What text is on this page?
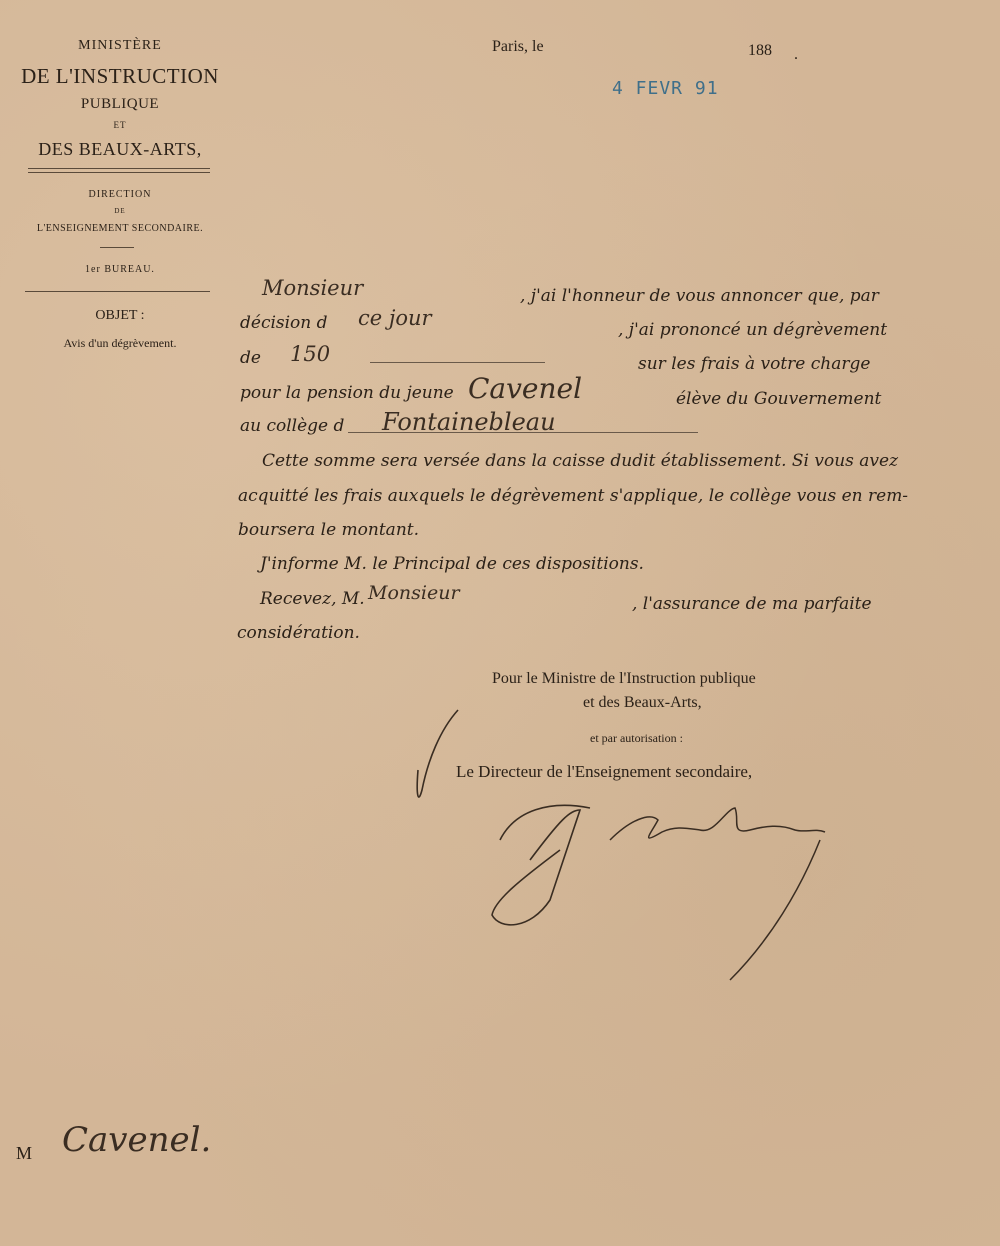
MINISTÈRE
DE L'INSTRUCTION
PUBLIQUE
ET
DES BEAUX-ARTS,
DIRECTION
DE
L'ENSEIGNEMENT SECONDAIRE.
1er BUREAU.
OBJET :
Avis d'un dégrèvement.
Paris, le	188 .
4 FEVR 91
Monsieur	, j'ai l'honneur de vous annoncer que, par
décision d ce jour	, j'ai prononcé un dégrèvement
de 150	sur les frais à votre charge
pour la pension du jeune Cavenel	élève du Gouvernement
au collège d Fontainebleau
Cette somme sera versée dans la caisse dudit établissement. Si vous avez
acquitté les frais auxquels le dégrèvement s'applique, le collège vous en rem-
boursera le montant.
J'informe M. le Principal de ces dispositions.
Recevez, M. Monsieur	, l'assurance de ma parfaite
considération.
Pour le Ministre de l'Instruction publique
et des Beaux-Arts,
et par autorisation :
Le Directeur de l'Enseignement secondaire,
M Cavenel.
